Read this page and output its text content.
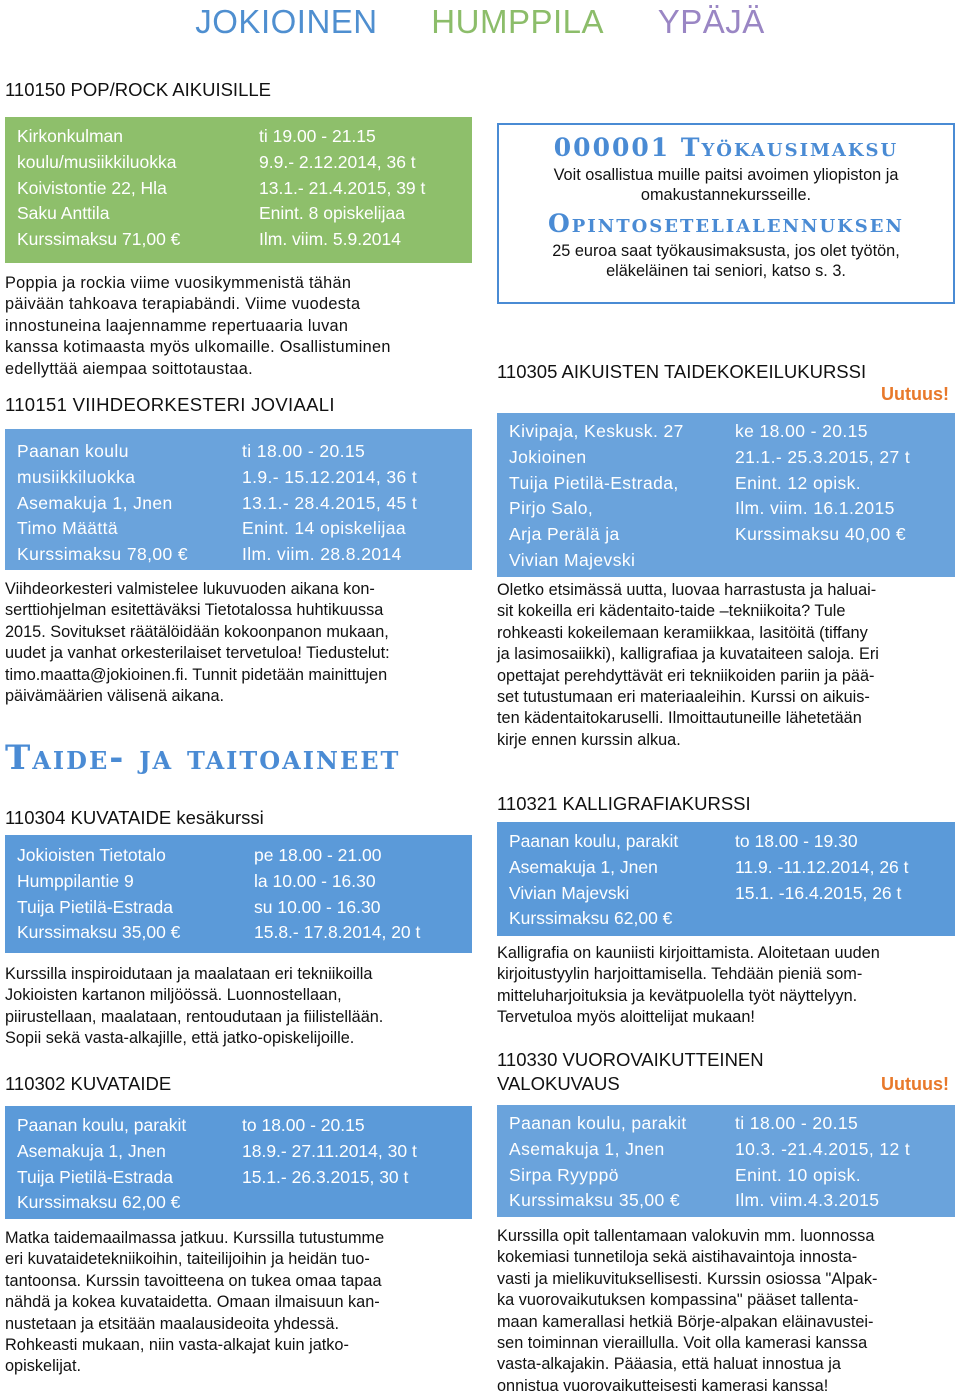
JOKIOINEN HUMPPILA YPÄJÄ
110150 POP/ROCK AIKUISILLE
Kirkonkulman	ti 19.00 - 21.15
koulu/musiikkiluokka	9.9.- 2.12.2014, 36 t
Koivistontie 22, Hla	13.1.- 21.4.2015, 39 t
Saku Anttila	Enint. 8 opiskelijaa
Kurssimaksu 71,00 €	Ilm. viim. 5.9.2014
Poppia ja rockia viime vuosikymmenistä tähän
päivään tahkoava terapiabändi. Viime vuodesta
innostuneina laajennamme repertuaaria luvan
kanssa kotimaasta myös ulkomaille. Osallistuminen
edellyttää aiempaa soittotaustaa.
110151 VIIHDEORKESTERI JOVIAALI
Paanan koulu	ti 18.00 - 20.15
musiikkiluokka	1.9.- 15.12.2014, 36 t
Asemakuja 1, Jnen	13.1.- 28.4.2015, 45 t
Timo Määttä	Enint. 14 opiskelijaa
Kurssimaksu 78,00 €	Ilm. viim. 28.8.2014
Viihdeorkesteri valmistelee lukuvuoden aikana kon-
serttiohjelman esitettäväksi Tietotalossa huhtikuussa
2015. Sovitukset räätälöidään kokoonpanon mukaan,
uudet ja vanhat orkesterilaiset tervetuloa! Tiedustelut:
timo.maatta@jokioinen.fi. Tunnit pidetään mainittujen
päivämäärien välisenä aikana.
Taide- ja taitoaineet
110304 KUVATAIDE kesäkurssi
Jokioisten Tietotalo	pe 18.00 - 21.00
Humppilantie 9	la 10.00 - 16.30
Tuija Pietilä-Estrada	su 10.00 - 16.30
Kurssimaksu 35,00 €	15.8.- 17.8.2014, 20 t
Kurssilla inspiroidutaan ja maalataan eri tekniikoilla
Jokioisten kartanon miljöössä. Luonnostellaan,
piirustellaan, maalataan, rentoudutaan ja fiilistellään.
Sopii sekä vasta-alkajille, että jatko-opiskelijoille.
110302 KUVATAIDE
Paanan koulu, parakit	to 18.00 - 20.15
Asemakuja 1, Jnen	18.9.- 27.11.2014, 30 t
Tuija Pietilä-Estrada	15.1.- 26.3.2015, 30 t
Kurssimaksu 62,00 €
Matka taidemaailmassa jatkuu. Kurssilla tutustumme
eri kuvataidetekniikoihin, taiteilijoihin ja heidän tuo-
tantoonsa. Kurssin tavoitteena on tukea omaa tapaa
nähdä ja kokea kuvataidetta. Omaan ilmaisuun kan-
nustetaan ja etsitään maalausideoita yhdessä.
Rohkeasti mukaan, niin vasta-alkajat kuin jatko-
opiskelijat.

000001 Työkausimaksu

Voit osallistua muille paitsi avoimen yliopiston ja
omakustannekursseille.

Opintosetelialennuksen

25 euroa saat työkausimaksusta, jos olet työtön,
eläkeläinen tai seniori, katso s. 3.
110305 AIKUISTEN TAIDEKOKEILUKURSSI
Uutuus!
Kivipaja, Keskusk. 27	ke 18.00 - 20.15
Jokioinen	21.1.- 25.3.2015, 27 t
Tuija Pietilä-Estrada,	Enint. 12 opisk.
Pirjo Salo,	Ilm. viim. 16.1.2015
Arja Perälä ja	Kurssimaksu 40,00 €
Vivian Majevski
Oletko etsimässä uutta, luovaa harrastusta ja haluai-
sit kokeilla eri kädentaito-taide –tekniikoita? Tule
rohkeasti kokeilemaan keramiikkaa, lasitöitä (tiffany
ja lasimosaiikki), kalligrafiaa ja kuvataiteen saloja. Eri
opettajat perehdyttävät eri tekniikoiden pariin ja pää-
set tutustumaan eri materiaaleihin. Kurssi on aikuis-
ten kädentaitokaruselli. Ilmoittautuneille lähetetään
kirje ennen kurssin alkua.
110321 KALLIGRAFIAKURSSI
Paanan koulu, parakit	to 18.00 - 19.30
Asemakuja 1, Jnen	11.9. -11.12.2014, 26 t
Vivian Majevski	15.1. -16.4.2015, 26 t
Kurssimaksu 62,00 €
Kalligrafia on kauniisti kirjoittamista. Aloitetaan uuden
kirjoitustyylin harjoittamisella. Tehdään pieniä som-
mitteluharjoituksia ja kevätpuolella työt näyttelyyn.
Tervetuloa myös aloittelijat mukaan!
110330 VUOROVAIKUTTEINEN
VALOKUVAUS	Uutuus!
Paanan koulu, parakit	ti 18.00 - 20.15
Asemakuja 1, Jnen	10.3. -21.4.2015, 12 t
Sirpa Ryyppö	Enint. 10 opisk.
Kurssimaksu 35,00 €	Ilm. viim.4.3.2015
Kurssilla opit tallentamaan valokuvin mm. luonnossa
kokemiasi tunnetiloja sekä aistihavaintoja innosta-
vasti ja mielikuvituksellisesti. Kurssin osiossa "Alpak-
ka vuorovaikutuksen kompassina" pääset tallenta-
maan kamerallasi hetkiä Börje-alpakan eläinavustei-
sen toiminnan vieraillulla. Voit olla kamerasi kanssa
vasta-alkajakin. Pääasia, että haluat innostua ja
onnistua vuorovaikutteisesti kamerasi kanssa!
